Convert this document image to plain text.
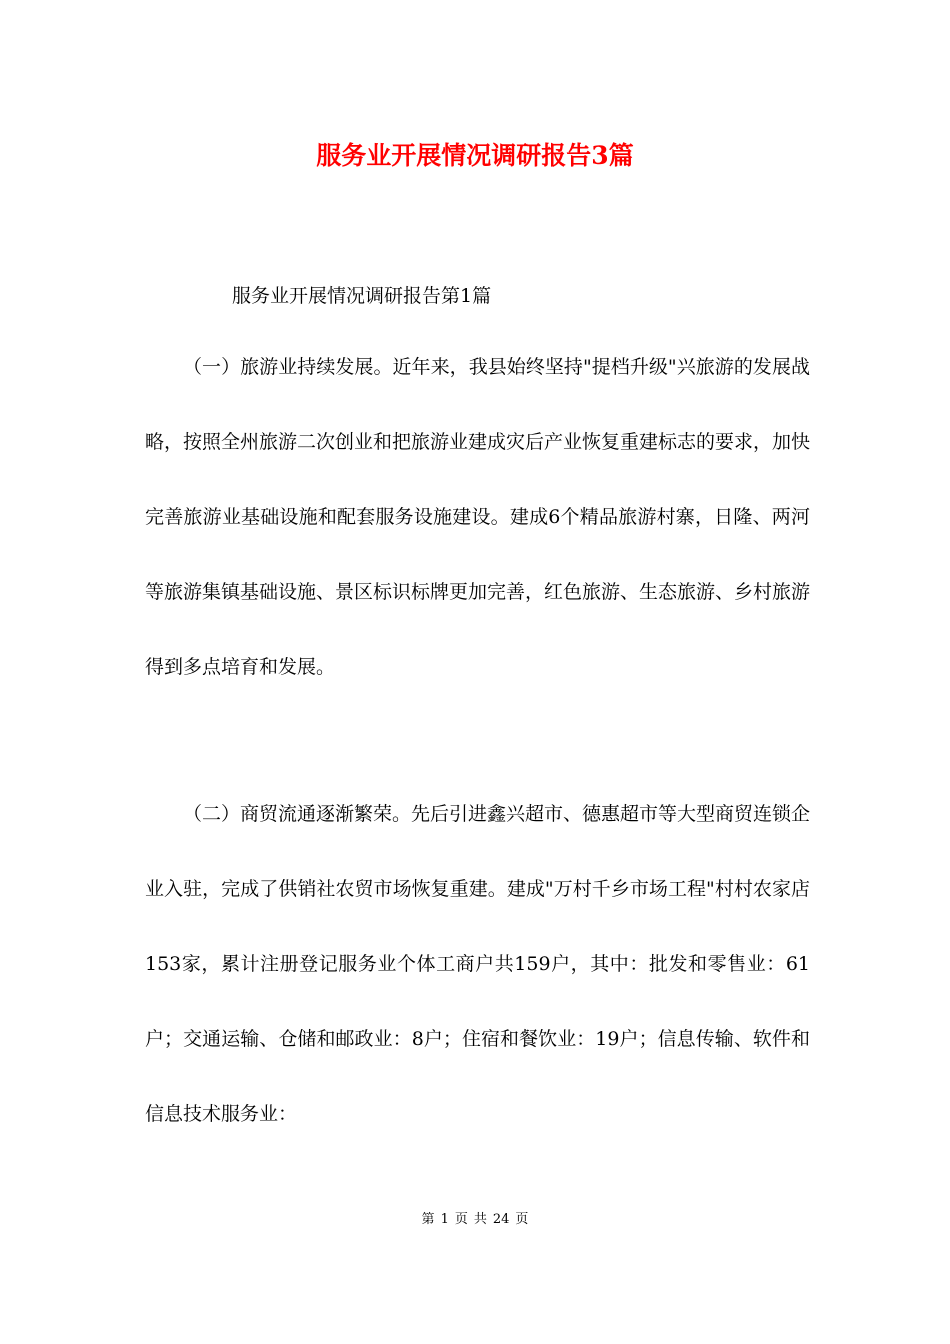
服务业开展情况调研报告3篇
服务业开展情况调研报告第1篇

（一）旅游业持续发展。近年来，我县始终坚持"提档升级"兴旅游的发展战略，按照全州旅游二次创业和把旅游业建成灾后产业恢复重建标志的要求，加快完善旅游业基础设施和配套服务设施建设。建成6个精品旅游村寨，日隆、两河等旅游集镇基础设施、景区标识标牌更加完善，红色旅游、生态旅游、乡村旅游得到多点培育和发展。

（二）商贸流通逐渐繁荣。先后引进鑫兴超市、德惠超市等大型商贸连锁企业入驻，完成了供销社农贸市场恢复重建。建成"万村千乡市场工程"村村农家店153家，累计注册登记服务业个体工商户共159户，其中：批发和零售业：61户；交通运输、仓储和邮政业：8户；住宿和餐饮业：19户；信息传输、软件和信息技术服务业：

第 1 页 共 24 页
